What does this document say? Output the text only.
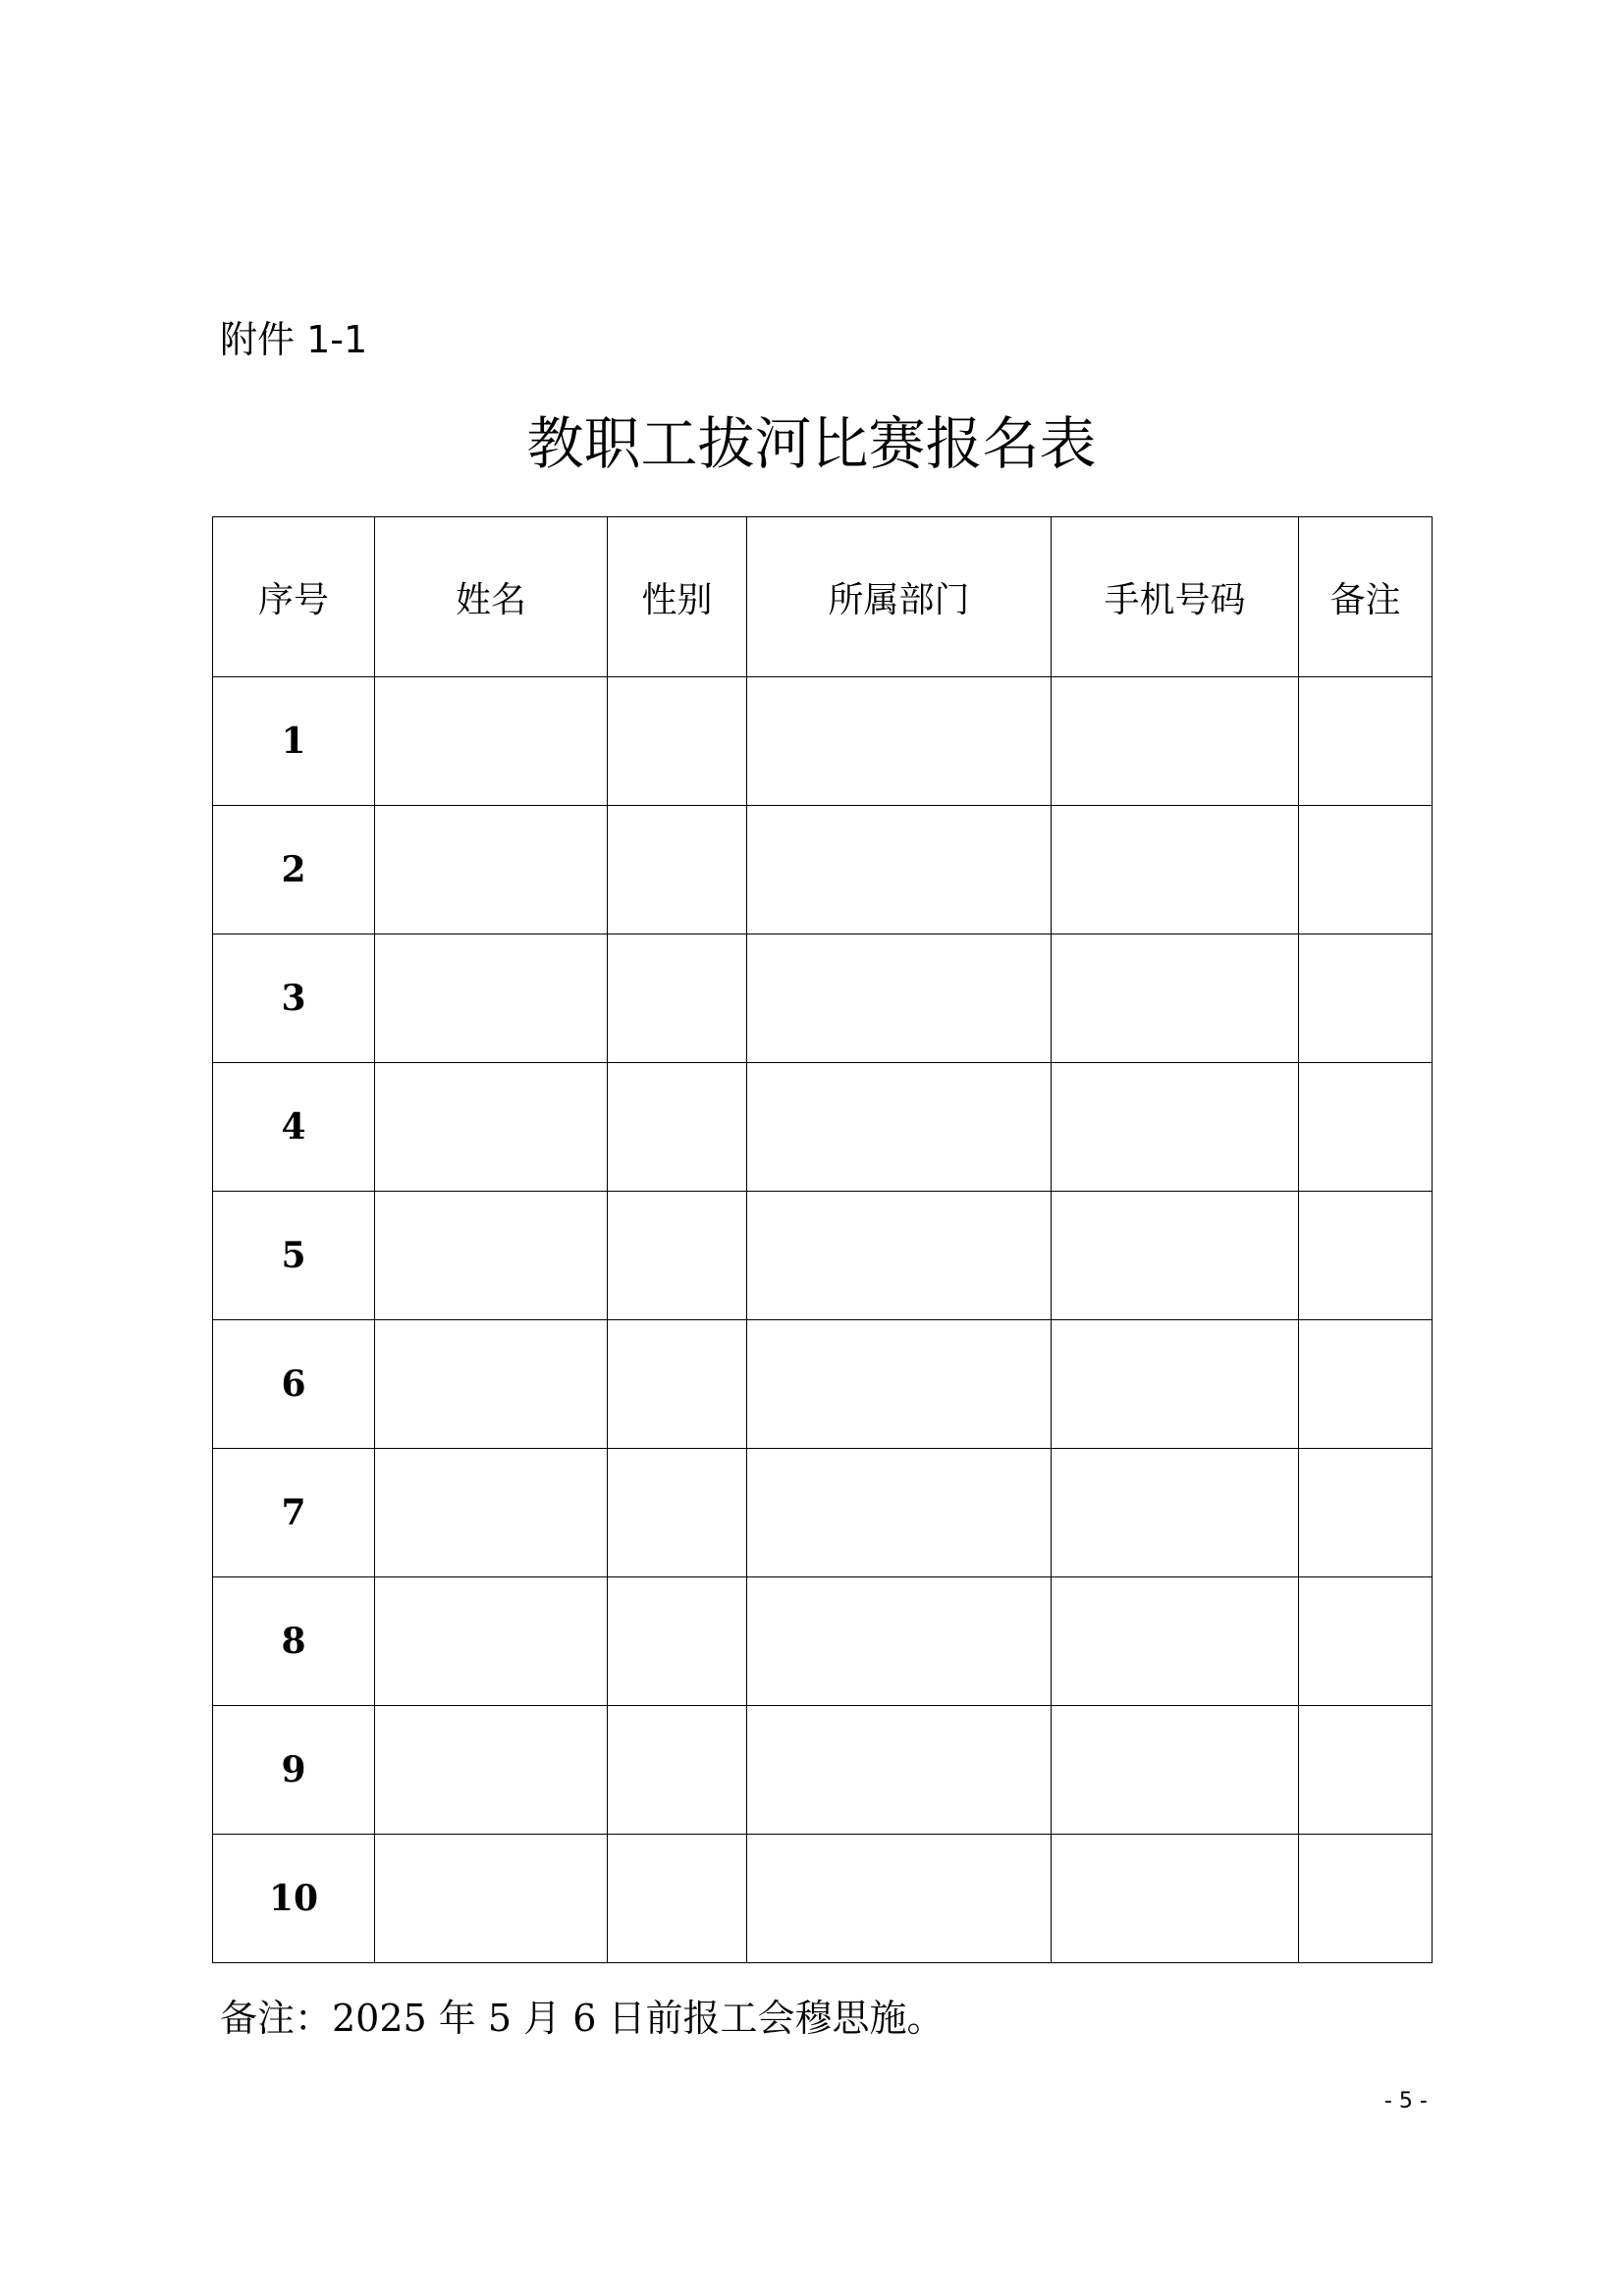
附件 1-1
教职工拔河比赛报名表
序号	姓名	性别	所属部门	手机号码	备注
1					
2					
3					
4					
5					
6					
7					
8					
9					
10					
备注：2025 年 5 月 6 日前报工会穆思施。
- 5 -
